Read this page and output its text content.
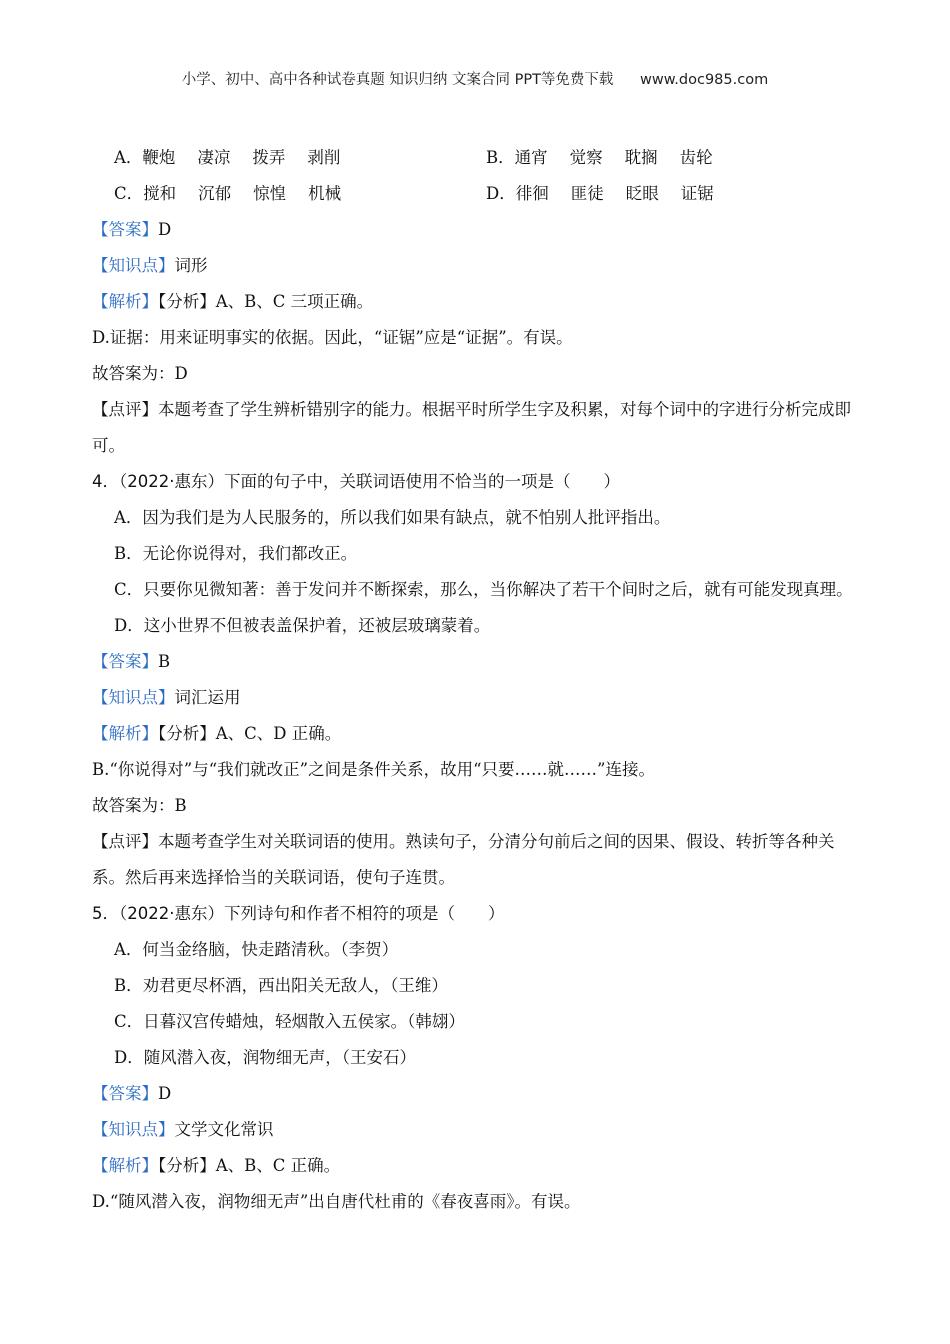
小学、初中、高中各种试卷真题 知识归纳 文案合同 PPT等免费下载 www.doc985.com
A．鞭炮 凄凉 拨弄 剥削	B．通宵 觉察 耽搁 齿轮
C．搅和 沉郁 惊惶 机械	D．徘徊 匪徒 眨眼 证锯
【答案】D
【知识点】词形
【解析】【分析】A、B、C 三项正确。
D.证据：用来证明事实的依据。因此，“证锯”应是“证据”。有误。
故答案为：D
【点评】本题考查了学生辨析错别字的能力。根据平时所学生字及积累，对每个词中的字进行分析完成即可。
4．（2022·惠东）下面的句子中，关联词语使用不恰当的一项是（　　）
A．因为我们是为人民服务的，所以我们如果有缺点，就不怕别人批评指出。
B．无论你说得对，我们都改正。
C．只要你见微知著：善于发问并不断探索，那么，当你解决了若干个间时之后，就有可能发现真理。
D．这小世界不但被表盖保护着，还被层玻璃蒙着。
【答案】B
【知识点】词汇运用
【解析】【分析】A、C、D 正确。
B.“你说得对”与“我们就改正”之间是条件关系，故用“只要……就……”连接。
故答案为：B
【点评】本题考查学生对关联词语的使用。熟读句子，分清分句前后之间的因果、假设、转折等各种关系。然后再来选择恰当的关联词语，使句子连贯。
5．（2022·惠东）下列诗句和作者不相符的项是（　　）
A．何当金络脑，快走踏清秋。（李贺）
B．劝君更尽杯酒，西出阳关无敌人，（王维）
C．日暮汉宫传蜡烛，轻烟散入五侯家。（韩翃）
D．随风潜入夜，润物细无声，（王安石）
【答案】D
【知识点】文学文化常识
【解析】【分析】A、B、C 正确。
D.“随风潜入夜，润物细无声”出自唐代杜甫的《春夜喜雨》。有误。
